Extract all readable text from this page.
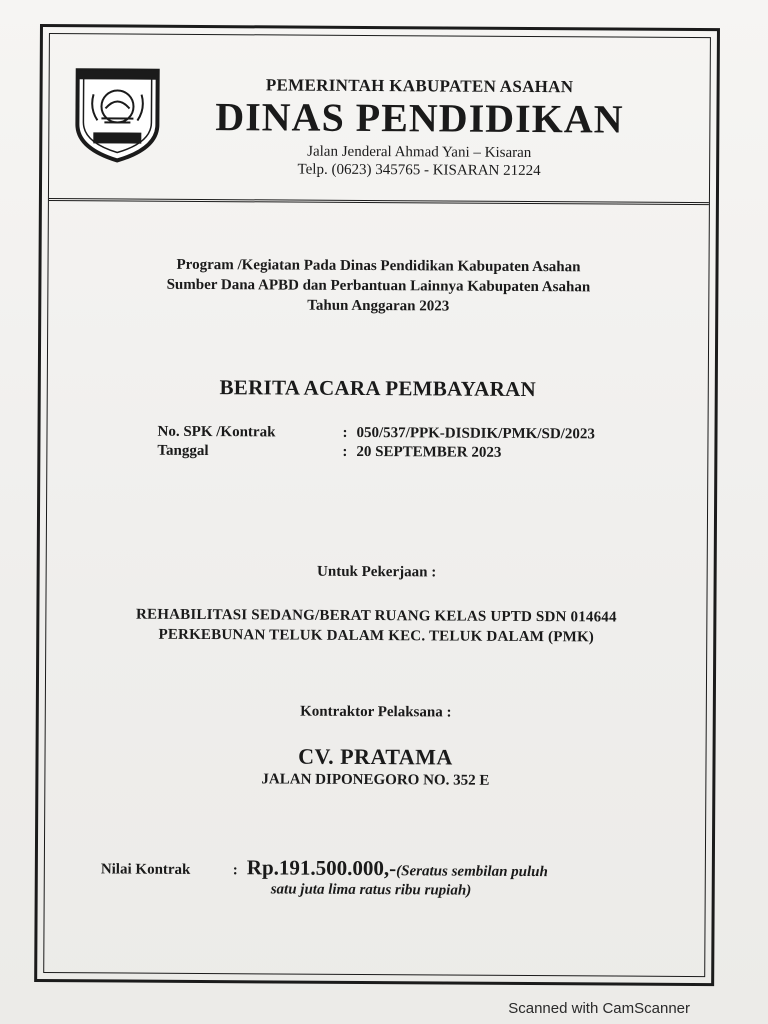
PEMERINTAH KABUPATEN ASAHAN
DINAS PENDIDIKAN
Jalan Jenderal Ahmad Yani – Kisaran
Telp. (0623) 345765 - KISARAN 21224
Program /Kegiatan Pada Dinas Pendidikan Kabupaten Asahan
Sumber Dana APBD dan Perbantuan Lainnya Kabupaten Asahan
Tahun Anggaran 2023
BERITA ACARA PEMBAYARAN
No. SPK /Kontrak	: 050/537/PPK-DISDIK/PMK/SD/2023
Tanggal	: 20 SEPTEMBER 2023
Untuk Pekerjaan :
REHABILITASI SEDANG/BERAT RUANG KELAS UPTD SDN 014644
PERKEBUNAN TELUK DALAM KEC. TELUK DALAM (PMK)
Kontraktor Pelaksana :
CV. PRATAMA
JALAN DIPONEGORO NO. 352 E
Nilai Kontrak	: Rp.191.500.000,-(Seratus sembilan puluh
satu juta lima ratus ribu rupiah)
Scanned with CamScanner
